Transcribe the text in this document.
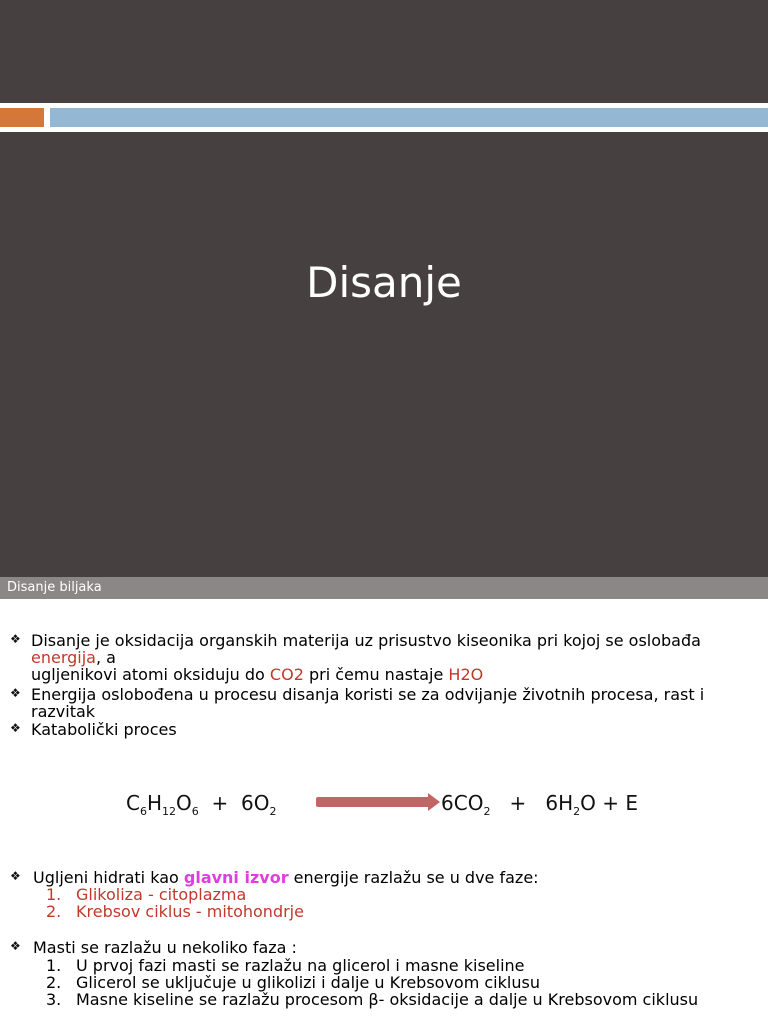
Disanje
Disanje biljaka
❖ Disanje je oksidacija organskih materija uz prisustvo kiseonika pri kojoj se oslobađa energija, a
ugljenikovi atomi oksiduju do CO2 pri čemu nastaje H2O
❖ Energija oslobođena u procesu disanja koristi se za odvijanje životnih procesa, rast i razvitak
❖ Katabolički proces
$C_6H_{12}O_6 + 6O_2$	$6CO_2 + 6H_2O + E$
❖ Ugljeni hidrati kao glavni izvor energije razlažu se u dve faze:
1. Glikoliza - citoplazma
2. Krebsov ciklus - mitohondrje
❖ Masti se razlažu u nekoliko faza :
1. U prvoj fazi masti se razlažu na glicerol i masne kiseline
2. Glicerol se uključuje u glikolizi i dalje u Krebsovom ciklusu
3. Masne kiseline se razlažu procesom β- oksidacije a dalje u Krebsovom ciklusu
